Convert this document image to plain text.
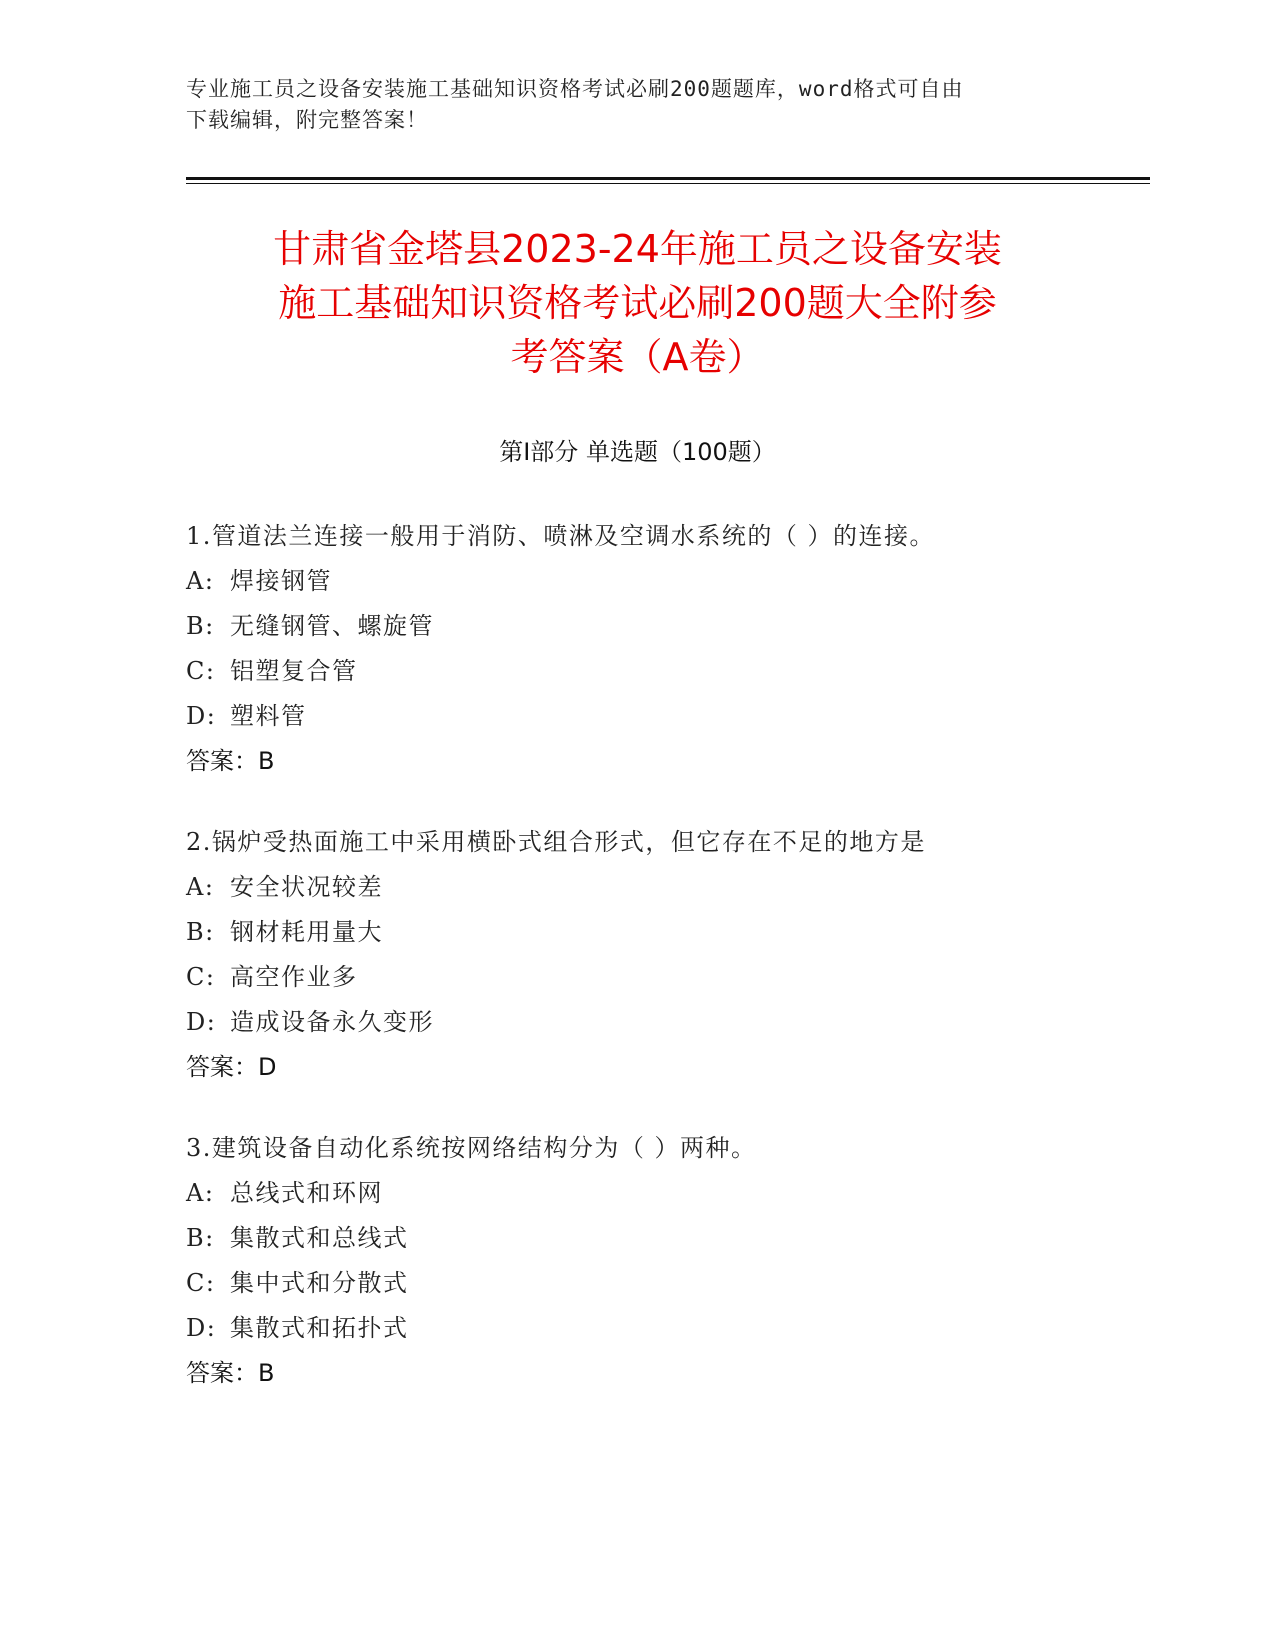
专业施工员之设备安装施工基础知识资格考试必刷200题题库，word格式可自由
下载编辑，附完整答案！
甘肃省金塔县2023-24年施工员之设备安装
施工基础知识资格考试必刷200题大全附参
考答案（A卷）
第Ⅰ部分 单选题（100题）
1.管道法兰连接一般用于消防、喷淋及空调水系统的（ ）的连接。
A: 焊接钢管
B: 无缝钢管、螺旋管
C: 铝塑复合管
D: 塑料管
答案：B
2.锅炉受热面施工中采用横卧式组合形式，但它存在不足的地方是
A: 安全状况较差
B: 钢材耗用量大
C: 高空作业多
D: 造成设备永久变形
答案：D
3.建筑设备自动化系统按网络结构分为（ ）两种。
A: 总线式和环网
B: 集散式和总线式
C: 集中式和分散式
D: 集散式和拓扑式
答案：B
